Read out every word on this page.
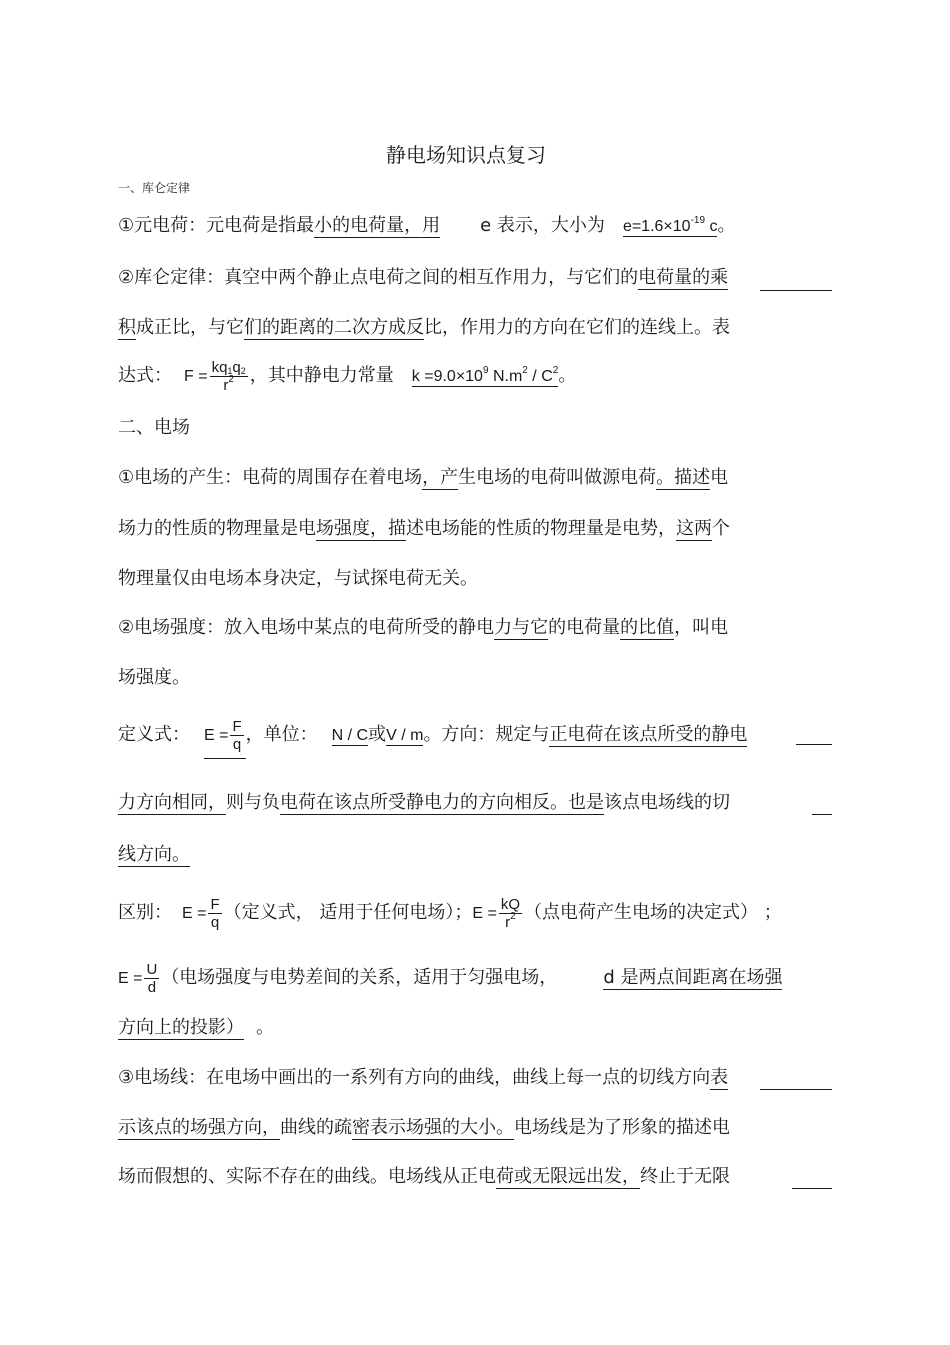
静电场知识点复习
一、库仑定律
①元电荷：元电荷是指最小的电荷量，用 e 表示，大小为 $e=1.6\times 10^{-19}$ c。
②库仑定律：真空中两个静止点电荷之间的相互作用力，与它们的电荷量的乘
积成正比，与它们的距离的二次方成反比，作用力的方向在它们的连线上。表
达式： $F = \frac{kq_1q_2}{r^2}$ ，其中静电力常量 $k =9.0\times 10^9$ $N.m^2 / C^2$。
二、电场
①电场的产生：电荷的周围存在着电场，产生电场的电荷叫做源电荷。描述电
场力的性质的物理量是电场强度，描述电场能的性质的物理量是电势，这两个
物理量仅由电场本身决定，与试探电荷无关。
②电场强度：放入电场中某点的电荷所受的静电力与它的电荷量的比值，叫电
场强度。
定义式： $E = \frac{F}{q}$ ，单位： N / C或V / m。方向：规定与正电荷在该点所受的静电
力方向相同，则与负电荷在该点所受静电力的方向相反。也是该点电场线的切
线方向。
区别： $E = \frac{F}{q}$ （定义式， 适用于任何电场）；$E = \frac{kQ}{r^2}$ （点电荷产生电场的决定式） ；
$E = \frac{U}{d}$ （电场强度与电势差间的关系，适用于匀强电场，	d 是两点间距离在场强
方向上的投影） 。
③电场线：在电场中画出的一系列有方向的曲线，曲线上每一点的切线方向表
示该点的场强方向，曲线的疏密表示场强的大小。电场线是为了形象的描述电
场而假想的、实际不存在的曲线。电场线从正电荷或无限远出发，终止于无限
